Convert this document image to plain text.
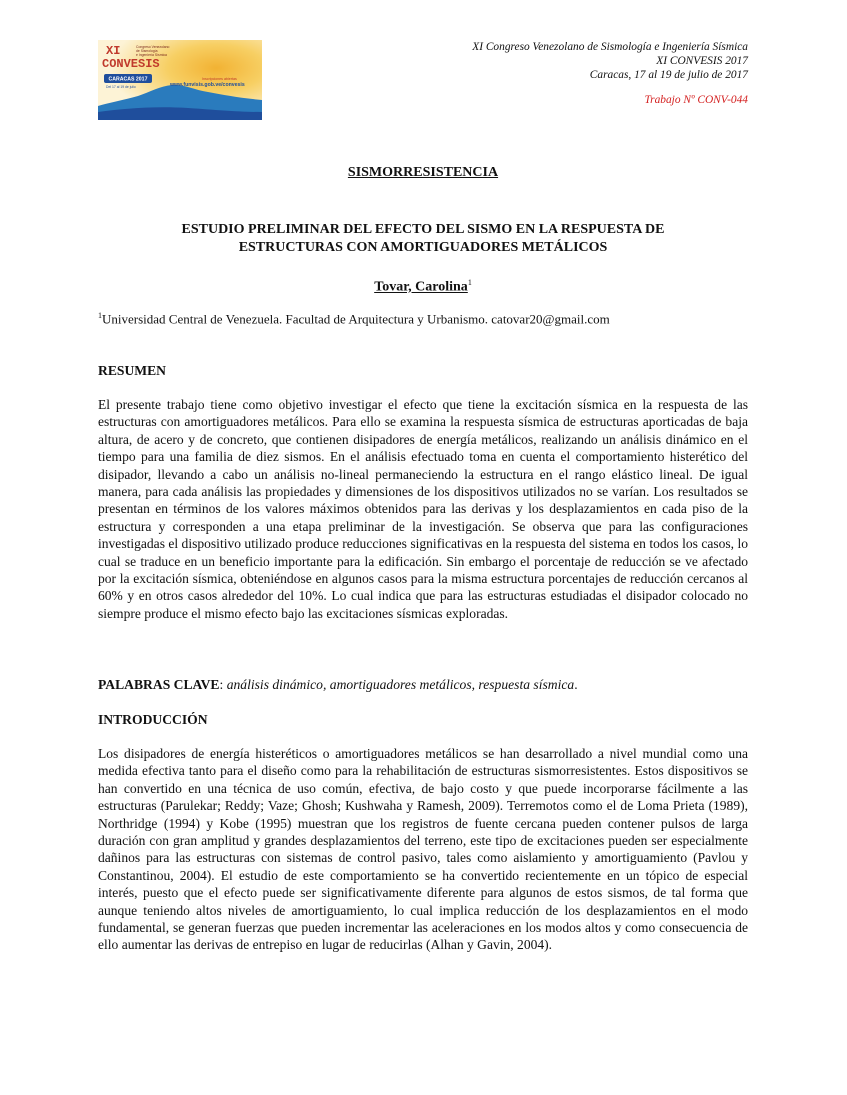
XI
CONVESIS
Congreso Venezolano
de Sismología
e Ingeniería Sísmica
CARACAS 2017
Del 17 al 19 de julio
Inscripciones abiertas
www.funvisis.gob.ve/convesis
XI Congreso Venezolano de Sismología e Ingeniería Sísmica
XI CONVESIS 2017
Caracas, 17 al 19 de julio de 2017
Trabajo Nº CONV-044
SISMORRESISTENCIA
ESTUDIO PRELIMINAR DEL EFECTO DEL SISMO EN LA RESPUESTA DE
ESTRUCTURAS CON AMORTIGUADORES METÁLICOS
Tovar, Carolina$^1$
$^1$Universidad Central de Venezuela. Facultad de Arquitectura y Urbanismo. catovar20@gmail.com
RESUMEN

El presente trabajo tiene como objetivo investigar el efecto que tiene la excitación sísmica en la respuesta de las estructuras con amortiguadores metálicos. Para ello se examina la respuesta sísmica de estructuras aporticadas de baja altura, de acero y de concreto, que contienen disipadores de energía metálicos, realizando un análisis dinámico en el tiempo para una familia de diez sismos. En el análisis efectuado toma en cuenta el comportamiento histerético del disipador, llevando a cabo un análisis no-lineal permaneciendo la estructura en el rango elástico lineal. De igual manera, para cada análisis las propiedades y dimensiones de los dispositivos utilizados no se varían. Los resultados se presentan en términos de los valores máximos obtenidos para las derivas y los desplazamientos en cada piso de la estructura y corresponden a una etapa preliminar de la investigación. Se observa que para las configuraciones investigadas el dispositivo utilizado produce reducciones significativas en la respuesta del sistema en todos los casos, lo cual se traduce en un beneficio importante para la edificación. Sin embargo el porcentaje de reducción se ve afectado por la excitación sísmica, obteniéndose en algunos casos para la misma estructura porcentajes de reducción cercanos al 60% y en otros casos alrededor del 10%. Lo cual indica que para las estructuras estudiadas el disipador colocado no siempre produce el mismo efecto bajo las excitaciones sísmicas exploradas.

PALABRAS CLAVE: análisis dinámico, amortiguadores metálicos, respuesta sísmica.
INTRODUCCIÓN

Los disipadores de energía histeréticos o amortiguadores metálicos se han desarrollado a nivel mundial como una medida efectiva tanto para el diseño como para la rehabilitación de estructuras sismorresistentes. Estos dispositivos se han convertido en una técnica de uso común, efectiva, de bajo costo y que puede incorporarse fácilmente a las estructuras (Parulekar; Reddy; Vaze; Ghosh; Kushwaha y Ramesh, 2009). Terremotos como el de Loma Prieta (1989), Northridge (1994) y Kobe (1995) muestran que los registros de fuente cercana pueden contener pulsos de larga duración con gran amplitud y grandes desplazamientos del terreno, este tipo de excitaciones pueden ser especialmente dañinos para las estructuras con sistemas de control pasivo, tales como aislamiento y amortiguamiento (Pavlou y Constantinou, 2004). El estudio de este comportamiento se ha convertido recientemente en un tópico de especial interés, puesto que el efecto puede ser significativamente diferente para algunos de estos sismos, de tal forma que aunque teniendo altos niveles de amortiguamiento, lo cual implica reducción de los desplazamientos en el modo fundamental, se generan fuerzas que pueden incrementar las aceleraciones en los modos altos y como consecuencia de ello aumentar las derivas de entrepiso en lugar de reducirlas (Alhan y Gavin, 2004).
